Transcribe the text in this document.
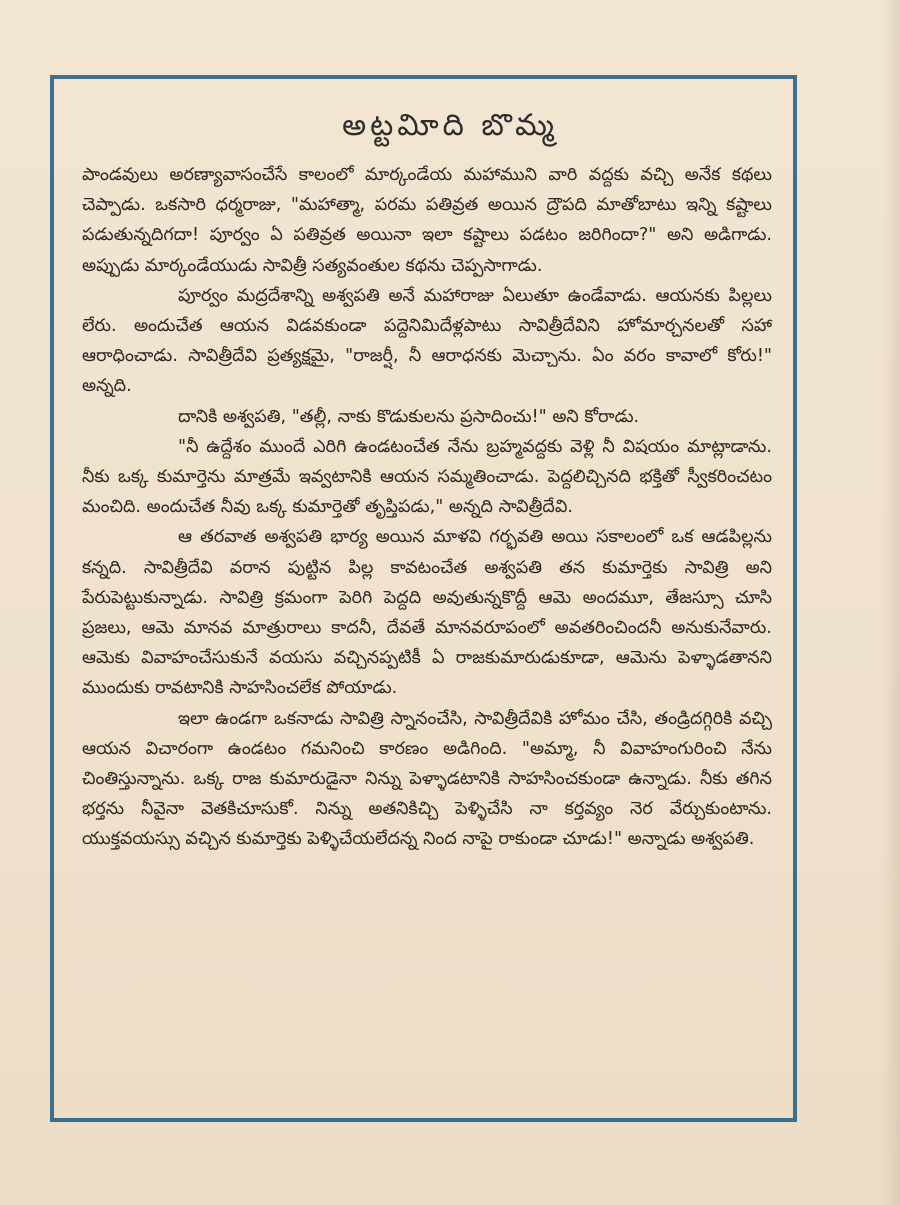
అట్టవిూది బొమ్మ

పాండవులు అరణ్యావాసంచేసే కాలంలో మార్కండేయ మహాముని వారి వద్దకు వచ్చి అనేక కథలు చెప్పాడు. ఒకసారి ధర్మరాజు, "మహాత్మా, పరమ పతివ్రత అయిన ద్రౌపది మాతోబాటు ఇన్ని కష్టాలు పడుతున్నదిగదా! పూర్వం ఏ పతివ్రత అయినా ఇలా కష్టాలు పడటం జరిగిందా?" అని అడిగాడు. అప్పుడు మార్కండేయుడు సావిత్రీ సత్యవంతుల కథను చెప్పసాగాడు.

పూర్వం మద్రదేశాన్ని అశ్వపతి అనే మహారాజు ఏలుతూ ఉండేవాడు. ఆయనకు పిల్లలు లేరు. అందుచేత ఆయన విడవకుండా పద్దెనిమిదేళ్లపాటు సావిత్రీదేవిని హోమార్చనలతో సహా ఆరాధించాడు. సావిత్రీదేవి ప్రత్యక్షమై, "రాజర్షీ, నీ ఆరాధనకు మెచ్చాను. ఏం వరం కావాలో కోరు!" అన్నది.

దానికి అశ్వపతి, "తల్లీ, నాకు కొడుకులను ప్రసాదించు!" అని కోరాడు.

"నీ ఉద్దేశం ముందే ఎరిగి ఉండటంచేత నేను బ్రహ్మవద్దకు వెళ్లి నీ విషయం మాట్లాడాను. నీకు ఒక్క కుమార్తెను మాత్రమే ఇవ్వటానికి ఆయన సమ్మతించాడు. పెద్దలిచ్చినది భక్తితో స్వీకరించటం మంచిది. అందుచేత నీవు ఒక్క కుమార్తెతో తృప్తిపడు," అన్నది సావిత్రీదేవి.

ఆ తరవాత అశ్వపతి భార్య అయిన మాళవి గర్భవతి అయి సకాలంలో ఒక ఆడపిల్లను కన్నది. సావిత్రీదేవి వరాన పుట్టిన పిల్ల కావటంచేత అశ్వపతి తన కుమార్తెకు సావిత్రి అని పేరుపెట్టుకున్నాడు. సావిత్రి క్రమంగా పెరిగి పెద్దది అవుతున్నకొద్దీ ఆమె అందమూ, తేజస్సూ చూసి ప్రజలు, ఆమె మానవ మాత్రురాలు కాదనీ, దేవతే మానవరూపంలో అవతరించిందనీ అనుకునేవారు. ఆమెకు వివాహంచేసుకునే వయసు వచ్చినప్పటికీ ఏ రాజకుమారుడుకూడా, ఆమెను పెళ్ళాడతానని ముందుకు రావటానికి సాహసించలేక పోయాడు.

ఇలా ఉండగా ఒకనాడు సావిత్రి స్నానంచేసి, సావిత్రీదేవికి హోమం చేసి, తండ్రిదగ్గిరికి వచ్చి ఆయన విచారంగా ఉండటం గమనించి కారణం అడిగింది. "అమ్మా, నీ వివాహంగురించి నేను చింతిస్తున్నాను. ఒక్క రాజ కుమారుడైనా నిన్ను పెళ్ళాడటానికి సాహసించకుండా ఉన్నాడు. నీకు తగిన భర్తను నీవైనా వెతకిచూసుకో. నిన్ను అతనికిచ్చి పెళ్ళిచేసి నా కర్తవ్యం నెర వేర్చుకుంటాను. యుక్తవయస్సు వచ్చిన కుమార్తెకు పెళ్ళిచేయలేదన్న నింద నాపై రాకుండా చూడు!" అన్నాడు అశ్వపతి.
